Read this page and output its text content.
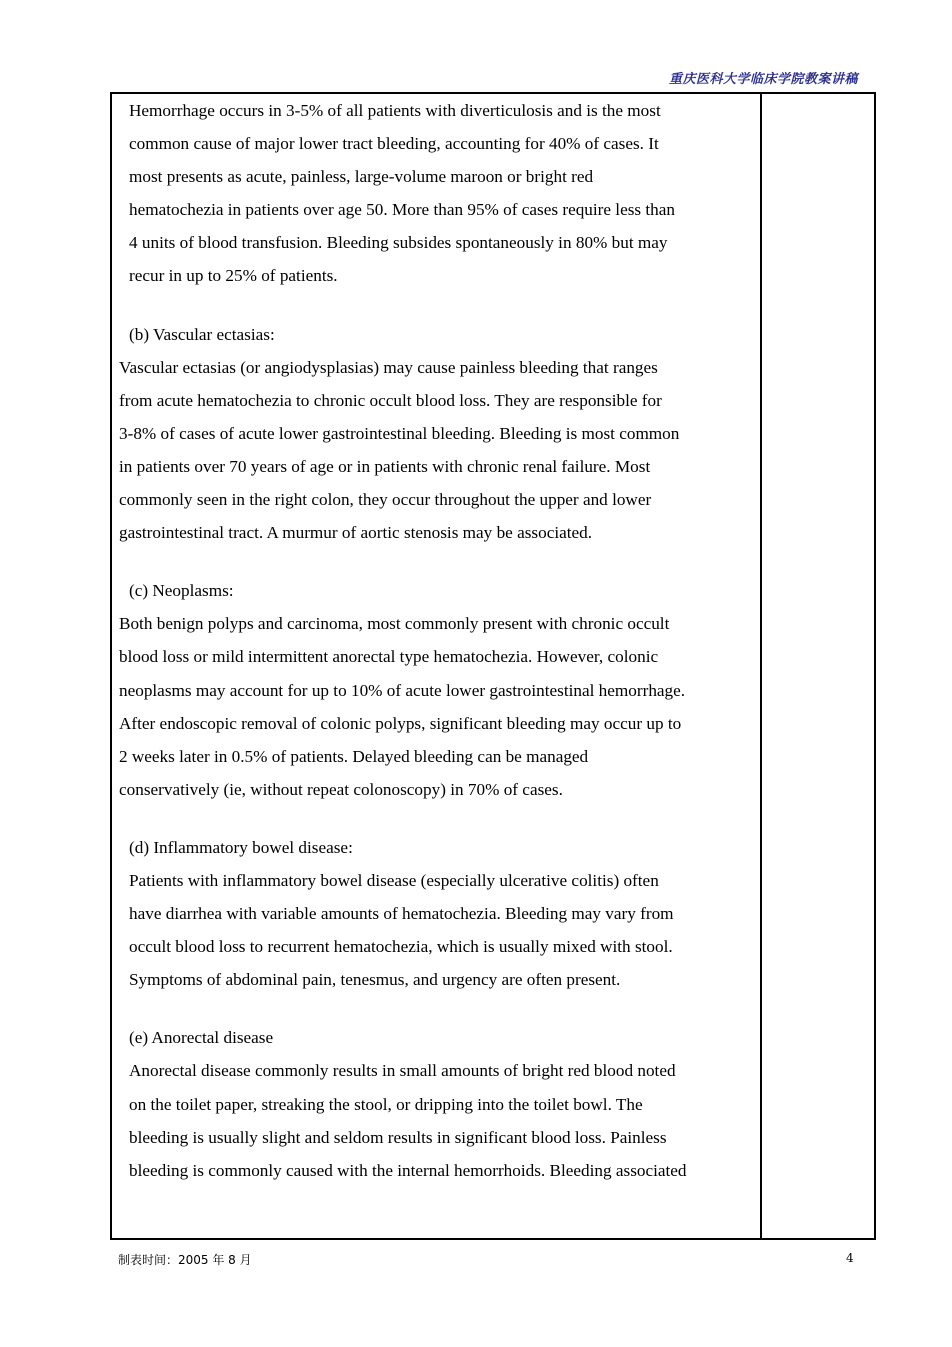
重庆医科大学临床学院教案讲稿
Hemorrhage occurs in 3-5% of all patients with diverticulosis and is the most
common cause of major lower tract bleeding, accounting for 40% of cases. It
most presents as acute, painless, large-volume maroon or bright red
hematochezia in patients over age 50. More than 95% of cases require less than
4 units of blood transfusion. Bleeding subsides spontaneously in 80% but may
recur in up to 25% of patients.
(b) Vascular ectasias:
Vascular ectasias (or angiodysplasias) may cause painless bleeding that ranges
from acute hematochezia to chronic occult blood loss. They are responsible for
3-8% of cases of acute lower gastrointestinal bleeding. Bleeding is most common
in patients over 70 years of age or in patients with chronic renal failure. Most
commonly seen in the right colon, they occur throughout the upper and lower
gastrointestinal tract. A murmur of aortic stenosis may be associated.
(c) Neoplasms:
Both benign polyps and carcinoma, most commonly present with chronic occult
blood loss or mild intermittent anorectal type hematochezia. However, colonic
neoplasms may account for up to 10% of acute lower gastrointestinal hemorrhage.
After endoscopic removal of colonic polyps, significant bleeding may occur up to
2 weeks later in 0.5% of patients. Delayed bleeding can be managed
conservatively (ie, without repeat colonoscopy) in 70% of cases.
(d) Inflammatory bowel disease:
Patients with inflammatory bowel disease (especially ulcerative colitis) often
have diarrhea with variable amounts of hematochezia. Bleeding may vary from
occult blood loss to recurrent hematochezia, which is usually mixed with stool.
Symptoms of abdominal pain, tenesmus, and urgency are often present.
(e) Anorectal disease
Anorectal disease commonly results in small amounts of bright red blood noted
on the toilet paper, streaking the stool, or dripping into the toilet bowl. The
bleeding is usually slight and seldom results in significant blood loss. Painless
bleeding is commonly caused with the internal hemorrhoids. Bleeding associated
制表时间：2005 年 8 月	4
